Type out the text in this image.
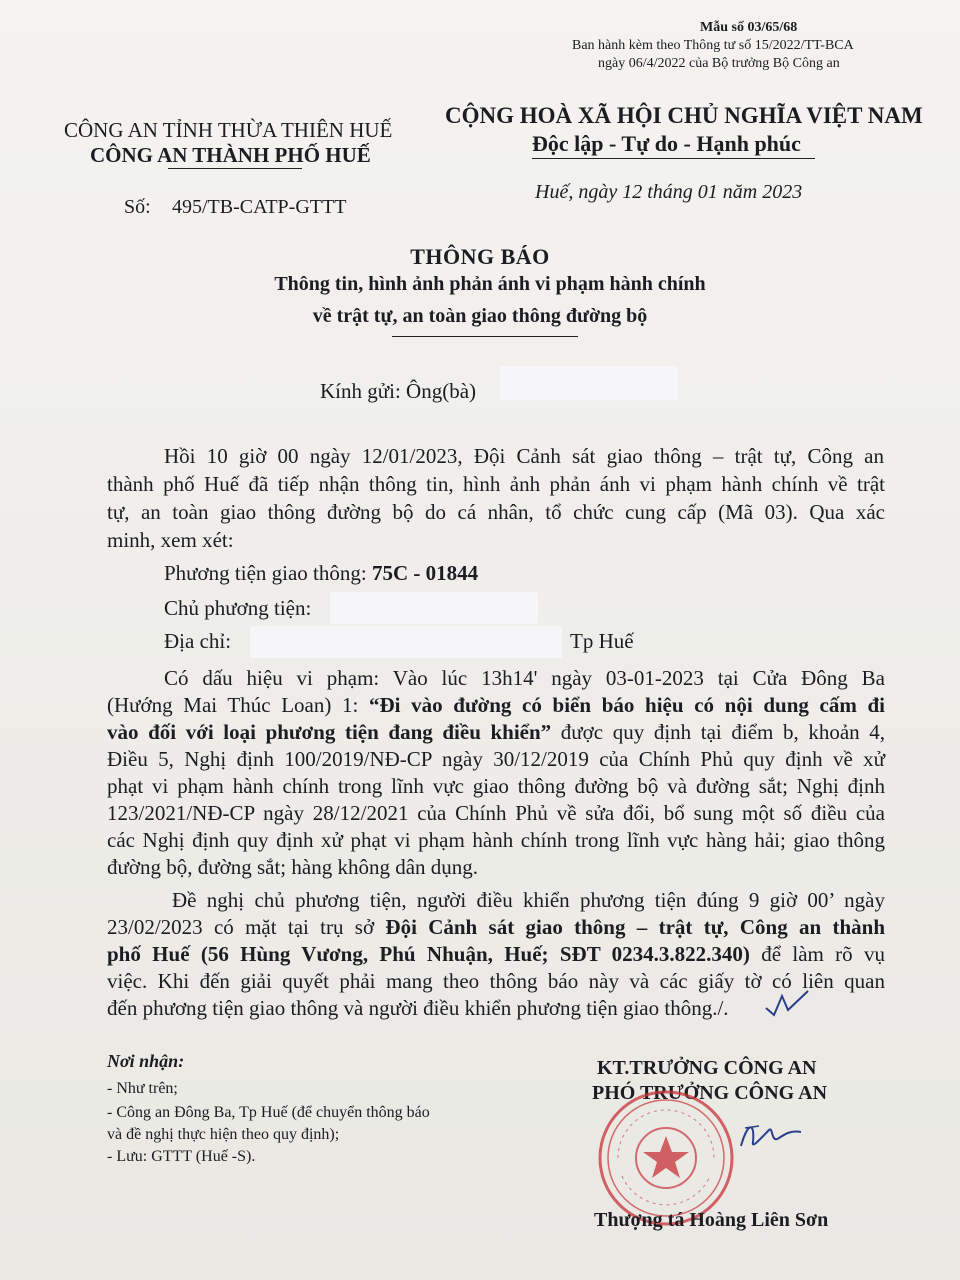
Mẫu số 03/65/68
Ban hành kèm theo Thông tư số 15/2022/TT-BCA
ngày 06/4/2022 của Bộ trưởng Bộ Công an
CÔNG AN TỈNH THỪA THIÊN HUẾ
CÔNG AN THÀNH PHỐ HUẾ
Số: 495/TB-CATP-GTTT
CỘNG HOÀ XÃ HỘI CHỦ NGHĨA VIỆT NAM
Độc lập - Tự do - Hạnh phúc
Huế, ngày 12 tháng 01 năm 2023
THÔNG BÁO
Thông tin, hình ảnh phản ánh vi phạm hành chính
về trật tự, an toàn giao thông đường bộ
Kính gửi: Ông(bà)
Hồi 10 giờ 00 ngày 12/01/2023, Đội Cảnh sát giao thông – trật tự, Công an
thành phố Huế đã tiếp nhận thông tin, hình ảnh phản ánh vi phạm hành chính về trật
tự, an toàn giao thông đường bộ do cá nhân, tổ chức cung cấp (Mã 03). Qua xác
minh, xem xét:
Phương tiện giao thông: 75C - 01844
Chủ phương tiện:
Địa chỉ:	Tp Huế
Có dấu hiệu vi phạm: Vào lúc 13h14' ngày 03-01-2023 tại Cửa Đông Ba
(Hướng Mai Thúc Loan) 1: “Đi vào đường có biển báo hiệu có nội dung cấm đi
vào đối với loại phương tiện đang điều khiển” được quy định tại điểm b, khoản 4,
Điều 5, Nghị định 100/2019/NĐ-CP ngày 30/12/2019 của Chính Phủ quy định về xử
phạt vi phạm hành chính trong lĩnh vực giao thông đường bộ và đường sắt; Nghị định
123/2021/NĐ-CP ngày 28/12/2021 của Chính Phủ về sửa đổi, bổ sung một số điều của
các Nghị định quy định xử phạt vi phạm hành chính trong lĩnh vực hàng hải; giao thông
đường bộ, đường sắt; hàng không dân dụng.
Đề nghị chủ phương tiện, người điều khiển phương tiện đúng 9 giờ 00’ ngày
23/02/2023 có mặt tại trụ sở Đội Cảnh sát giao thông – trật tự, Công an thành
phố Huế (56 Hùng Vương, Phú Nhuận, Huế; SĐT 0234.3.822.340) để làm rõ vụ
việc. Khi đến giải quyết phải mang theo thông báo này và các giấy tờ có liên quan
đến phương tiện giao thông và người điều khiển phương tiện giao thông./.
Nơi nhận:
- Như trên;
- Công an Đông Ba, Tp Huế (để chuyển thông báo
và đề nghị thực hiện theo quy định);
- Lưu: GTTT (Huế -S).
KT.TRƯỞNG CÔNG AN
PHÓ TRƯỞNG CÔNG AN
Thượng tá Hoàng Liên Sơn
